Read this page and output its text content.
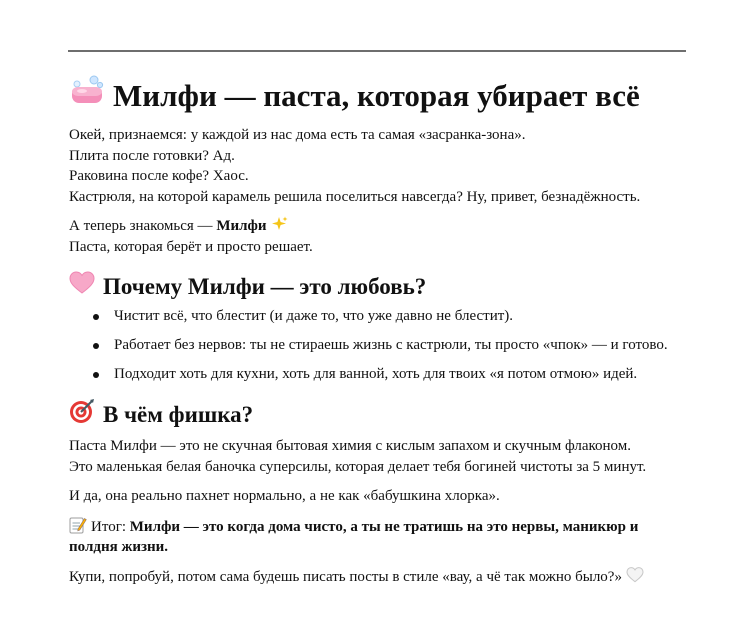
Милфи — паста, которая убирает всё

Окей, признаемся: у каждой из нас дома есть та самая «засранка-зона».

Плита после готовки? Ад.

Раковина после кофе? Хаос.

Кастрюля, на которой карамель решила поселиться навсегда? Ну, привет, безнадёжность.

А теперь знакомься — Милфи

Паста, которая берёт и просто решает.

Почему Милфи — это любовь?
Чистит всё, что блестит (и даже то, что уже давно не блестит).
Работает без нервов: ты не стираешь жизнь с кастрюли, ты просто «чпок» — и готово.
Подходит хоть для кухни, хоть для ванной, хоть для твоих «я потом отмою» идей.
В чём фишка?

Паста Милфи — это не скучная бытовая химия с кислым запахом и скучным флаконом.

Это маленькая белая баночка суперсилы, которая делает тебя богиней чистоты за 5 минут.

И да, она реально пахнет нормально, а не как «бабушкина хлорка».

Итог: Милфи — это когда дома чисто, а ты не тратишь на это нервы, маникюр и

полдня жизни.

Купи, попробуй, потом сама будешь писать посты в стиле «вау, а чё так можно было?»
